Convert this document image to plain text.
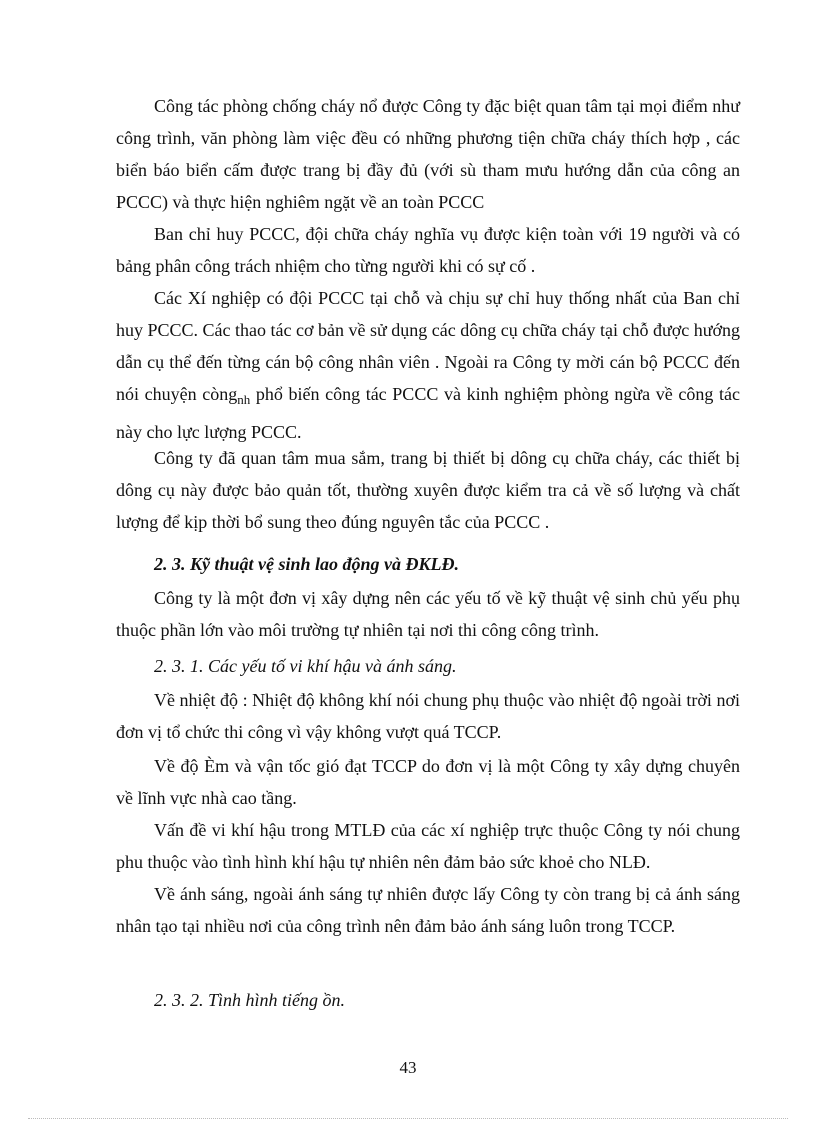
Công tác phòng chống cháy nổ được Công ty đặc biệt quan tâm tại mọi điểm như công trình, văn phòng làm việc đều có những phương tiện chữa cháy thích hợp , các biển báo biển cấm được trang bị đầy đủ (với sù tham mưu hướng dẫn của công an PCCC) và thực hiện nghiêm ngặt về an toàn PCCC

Ban chỉ huy PCCC, đội chữa cháy nghĩa vụ được kiện toàn với 19 người và có bảng phân công trách nhiệm cho từng người khi có sự cố .

Các Xí nghiệp có đội PCCC tại chỗ và chịu sự chỉ huy thống nhất của Ban chỉ huy PCCC. Các thao tác cơ bản về sử dụng các dông cụ chữa cháy tại chỗ được hướng dẫn cụ thể đến từng cán bộ công nhân viên . Ngoài ra Công ty mời cán bộ PCCC đến nói chuyện còng$_{nh}$ phổ biến công tác PCCC và kinh nghiệm phòng ngừa về công tác này cho lực lượng PCCC.

Công ty đã quan tâm mua sắm, trang bị thiết bị dông cụ chữa cháy, các thiết bị dông cụ này được bảo quản tốt, thường xuyên được kiểm tra cả về số lượng và chất lượng để kịp thời bổ sung theo đúng nguyên tắc của PCCC .

2. 3. Kỹ thuật vệ sinh lao động và ĐKLĐ.

Công ty là một đơn vị xây dựng nên các yếu tố về kỹ thuật vệ sinh chủ yếu phụ thuộc phần lớn vào môi trường tự nhiên tại nơi thi công công trình.

2. 3. 1. Các yếu tố vi khí hậu và ánh sáng.

Về nhiệt độ : Nhiệt độ không khí nói chung phụ thuộc vào nhiệt độ ngoài trời nơi đơn vị tổ chức thi công vì vậy không vượt quá TCCP.

Về độ Èm và vận tốc gió đạt TCCP do đơn vị là một Công ty xây dựng chuyên về lĩnh vực nhà cao tầng.

Vấn đề vi khí hậu trong MTLĐ của các xí nghiệp trực thuộc Công ty nói chung phu thuộc vào tình hình khí hậu tự nhiên nên đảm bảo sức khoẻ cho NLĐ.

Về ánh sáng, ngoài ánh sáng tự nhiên được lấy Công ty còn trang bị cả ánh sáng nhân tạo tại nhiều nơi của công trình nên đảm bảo ánh sáng luôn trong TCCP.

2. 3. 2. Tình hình tiếng ồn.

43
